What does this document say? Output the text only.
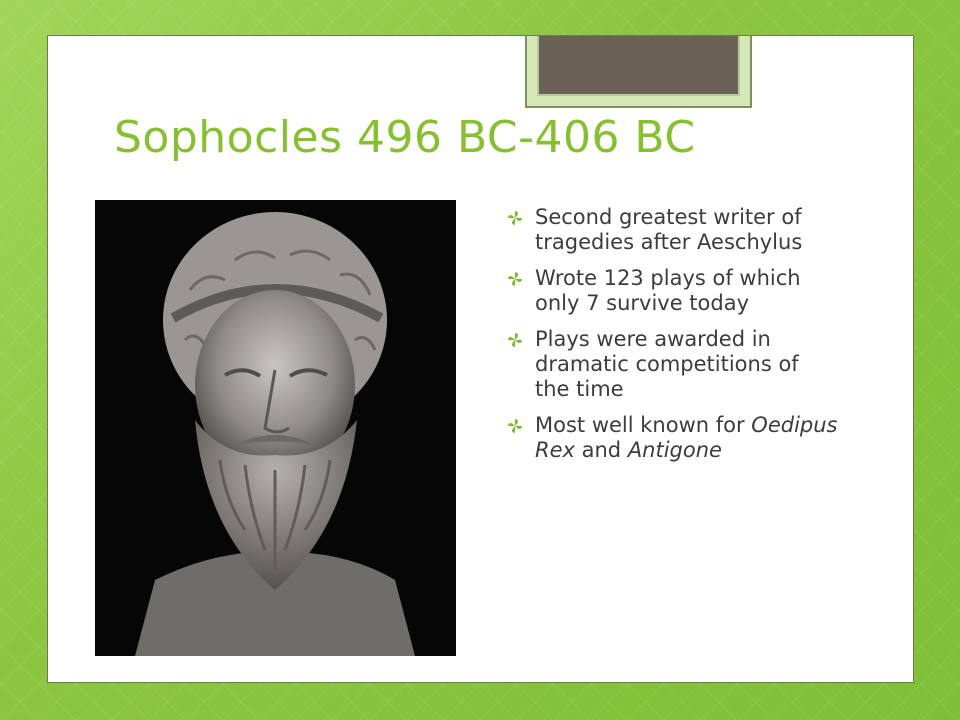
Sophocles 496 BC-406 BC
Second greatest writer of tragedies after Aeschylus
Wrote 123 plays of which only 7 survive today
Plays were awarded in dramatic competitions of the time
Most well known for Oedipus Rex and Antigone
